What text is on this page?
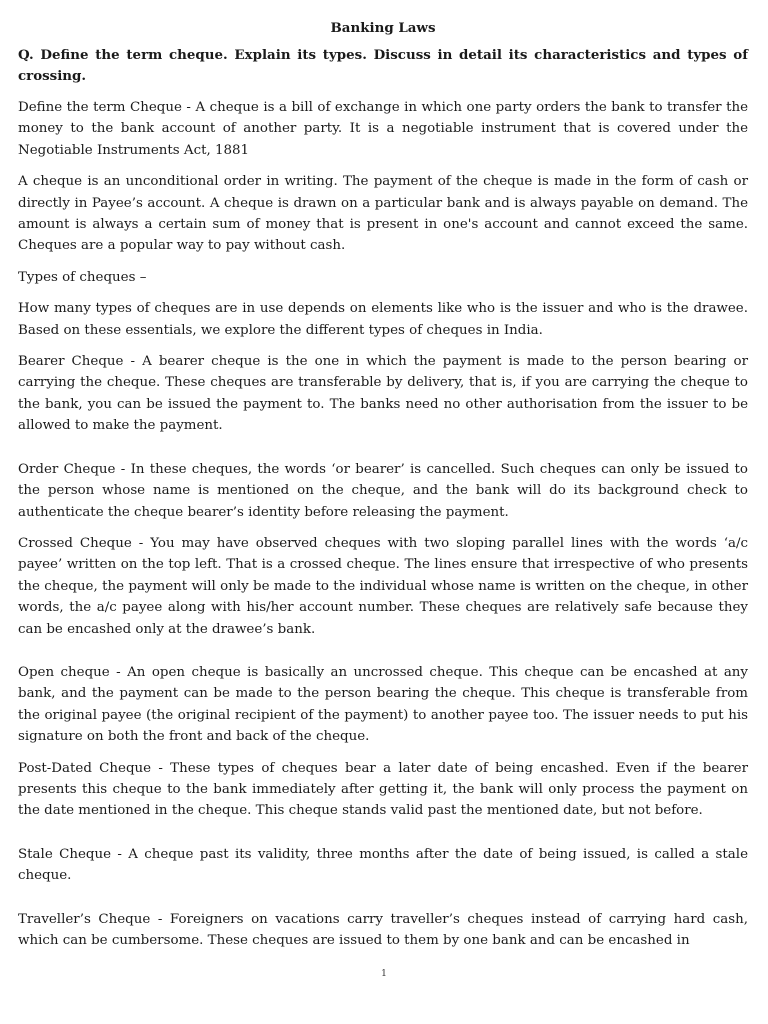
Banking Laws
Q. Define the term cheque. Explain its types. Discuss in detail its characteristics and types of crossing.

Define the term Cheque - A cheque is a bill of exchange in which one party orders the bank to transfer the money to the bank account of another party. It is a negotiable instrument that is covered under the Negotiable Instruments Act, 1881

A cheque is an unconditional order in writing. The payment of the cheque is made in the form of cash or directly in Payee’s account. A cheque is drawn on a particular bank and is always payable on demand. The amount is always a certain sum of money that is present in one's account and cannot exceed the same. Cheques are a popular way to pay without cash.

Types of cheques –

How many types of cheques are in use depends on elements like who is the issuer and who is the drawee. Based on these essentials, we explore the different types of cheques in India.

Bearer Cheque - A bearer cheque is the one in which the payment is made to the person bearing or carrying the cheque. These cheques are transferable by delivery, that is, if you are carrying the cheque to the bank, you can be issued the payment to. The banks need no other authorisation from the issuer to be allowed to make the payment.

Order Cheque - In these cheques, the words ‘or bearer’ is cancelled. Such cheques can only be issued to the person whose name is mentioned on the cheque, and the bank will do its background check to authenticate the cheque bearer’s identity before releasing the payment.

Crossed Cheque - You may have observed cheques with two sloping parallel lines with the words ‘a/c payee’ written on the top left. That is a crossed cheque. The lines ensure that irrespective of who presents the cheque, the payment will only be made to the individual whose name is written on the cheque, in other words, the a/c payee along with his/her account number. These cheques are relatively safe because they can be encashed only at the drawee’s bank.

Open cheque - An open cheque is basically an uncrossed cheque. This cheque can be encashed at any bank, and the payment can be made to the person bearing the cheque. This cheque is transferable from the original payee (the original recipient of the payment) to another payee too. The issuer needs to put his signature on both the front and back of the cheque.

Post-Dated Cheque - These types of cheques bear a later date of being encashed. Even if the bearer presents this cheque to the bank immediately after getting it, the bank will only process the payment on the date mentioned in the cheque. This cheque stands valid past the mentioned date, but not before.

Stale Cheque - A cheque past its validity, three months after the date of being issued, is called a stale cheque.

Traveller’s Cheque - Foreigners on vacations carry traveller’s cheques instead of carrying hard cash, which can be cumbersome. These cheques are issued to them by one bank and can be encashed in

1
